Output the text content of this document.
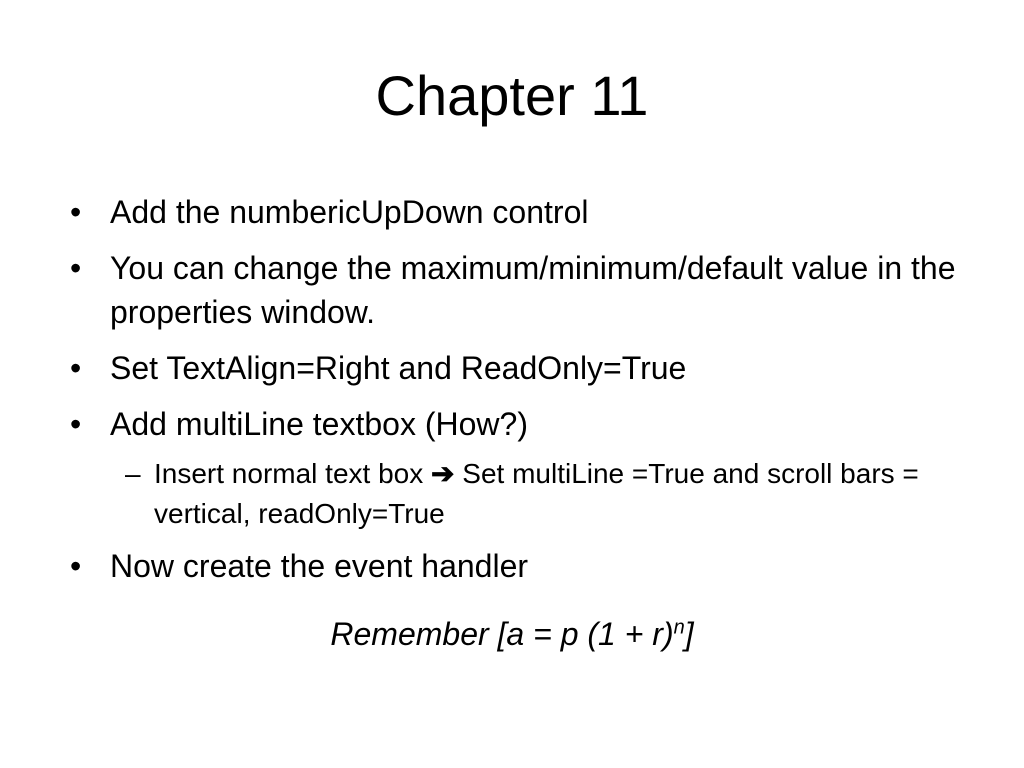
Chapter 11
• Add the numbericUpDown control
• You can change the maximum/minimum/default value in the properties window.
• Set TextAlign=Right and ReadOnly=True
• Add multiLine textbox (How?)
– Insert normal text box ➔ Set multiLine =True and scroll bars = vertical, readOnly=True
• Now create the event handler
Remember [a = p $(1 + r)^n$]
